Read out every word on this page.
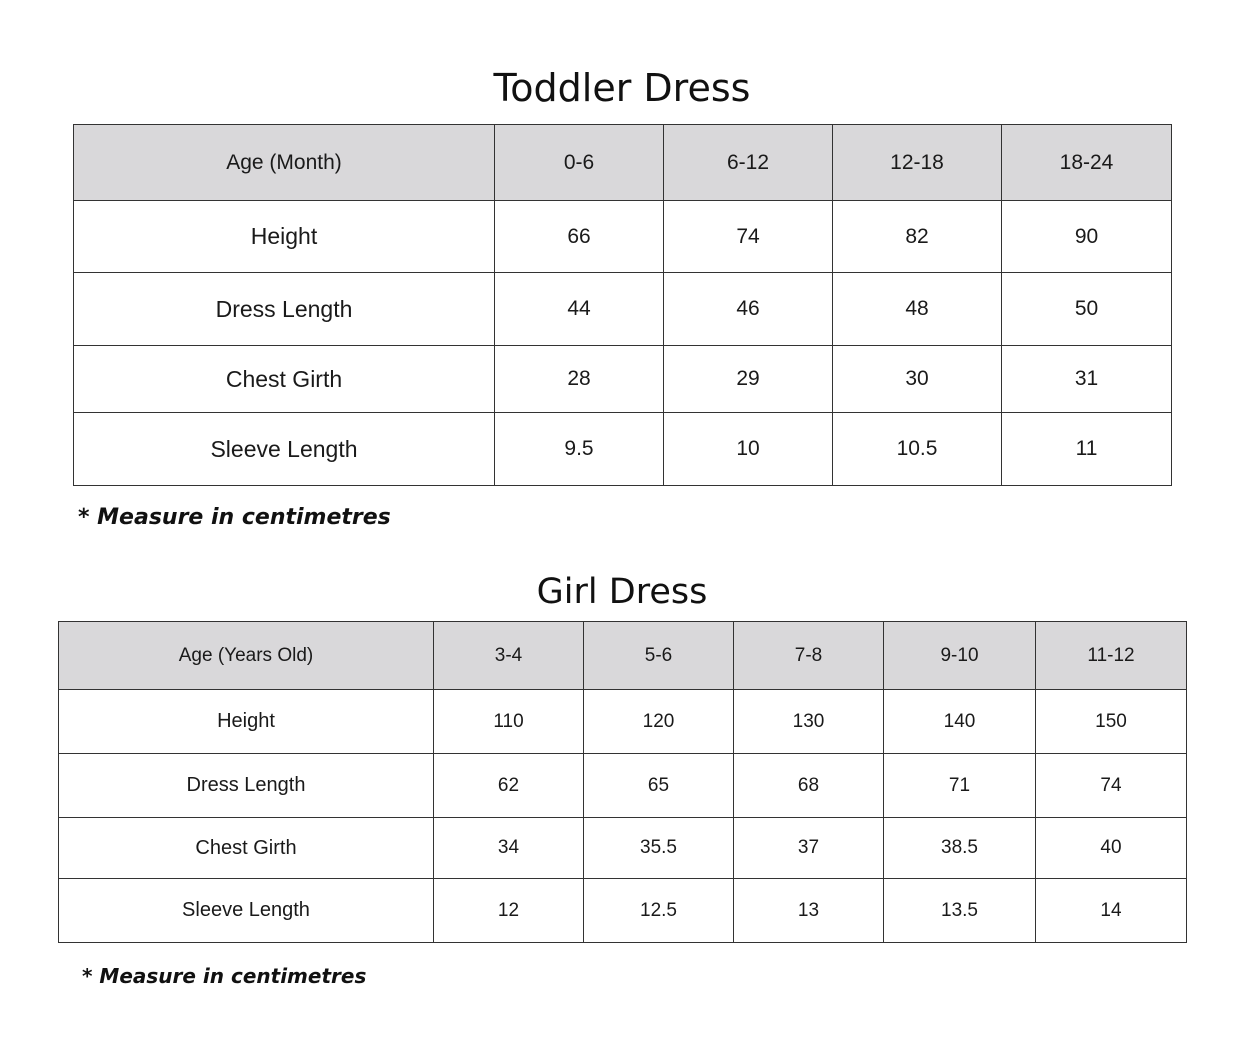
Toddler Dress
Age (Month)	0-6	6-12	12-18	18-24
Height	66	74	82	90
Dress Length	44	46	48	50
Chest Girth	28	29	30	31
Sleeve Length	9.5	10	10.5	11
* Measure in centimetres
Girl Dress
Age (Years Old)	3-4	5-6	7-8	9-10	11-12
Height	110	120	130	140	150
Dress Length	62	65	68	71	74
Chest Girth	34	35.5	37	38.5	40
Sleeve Length	12	12.5	13	13.5	14
* Measure in centimetres
